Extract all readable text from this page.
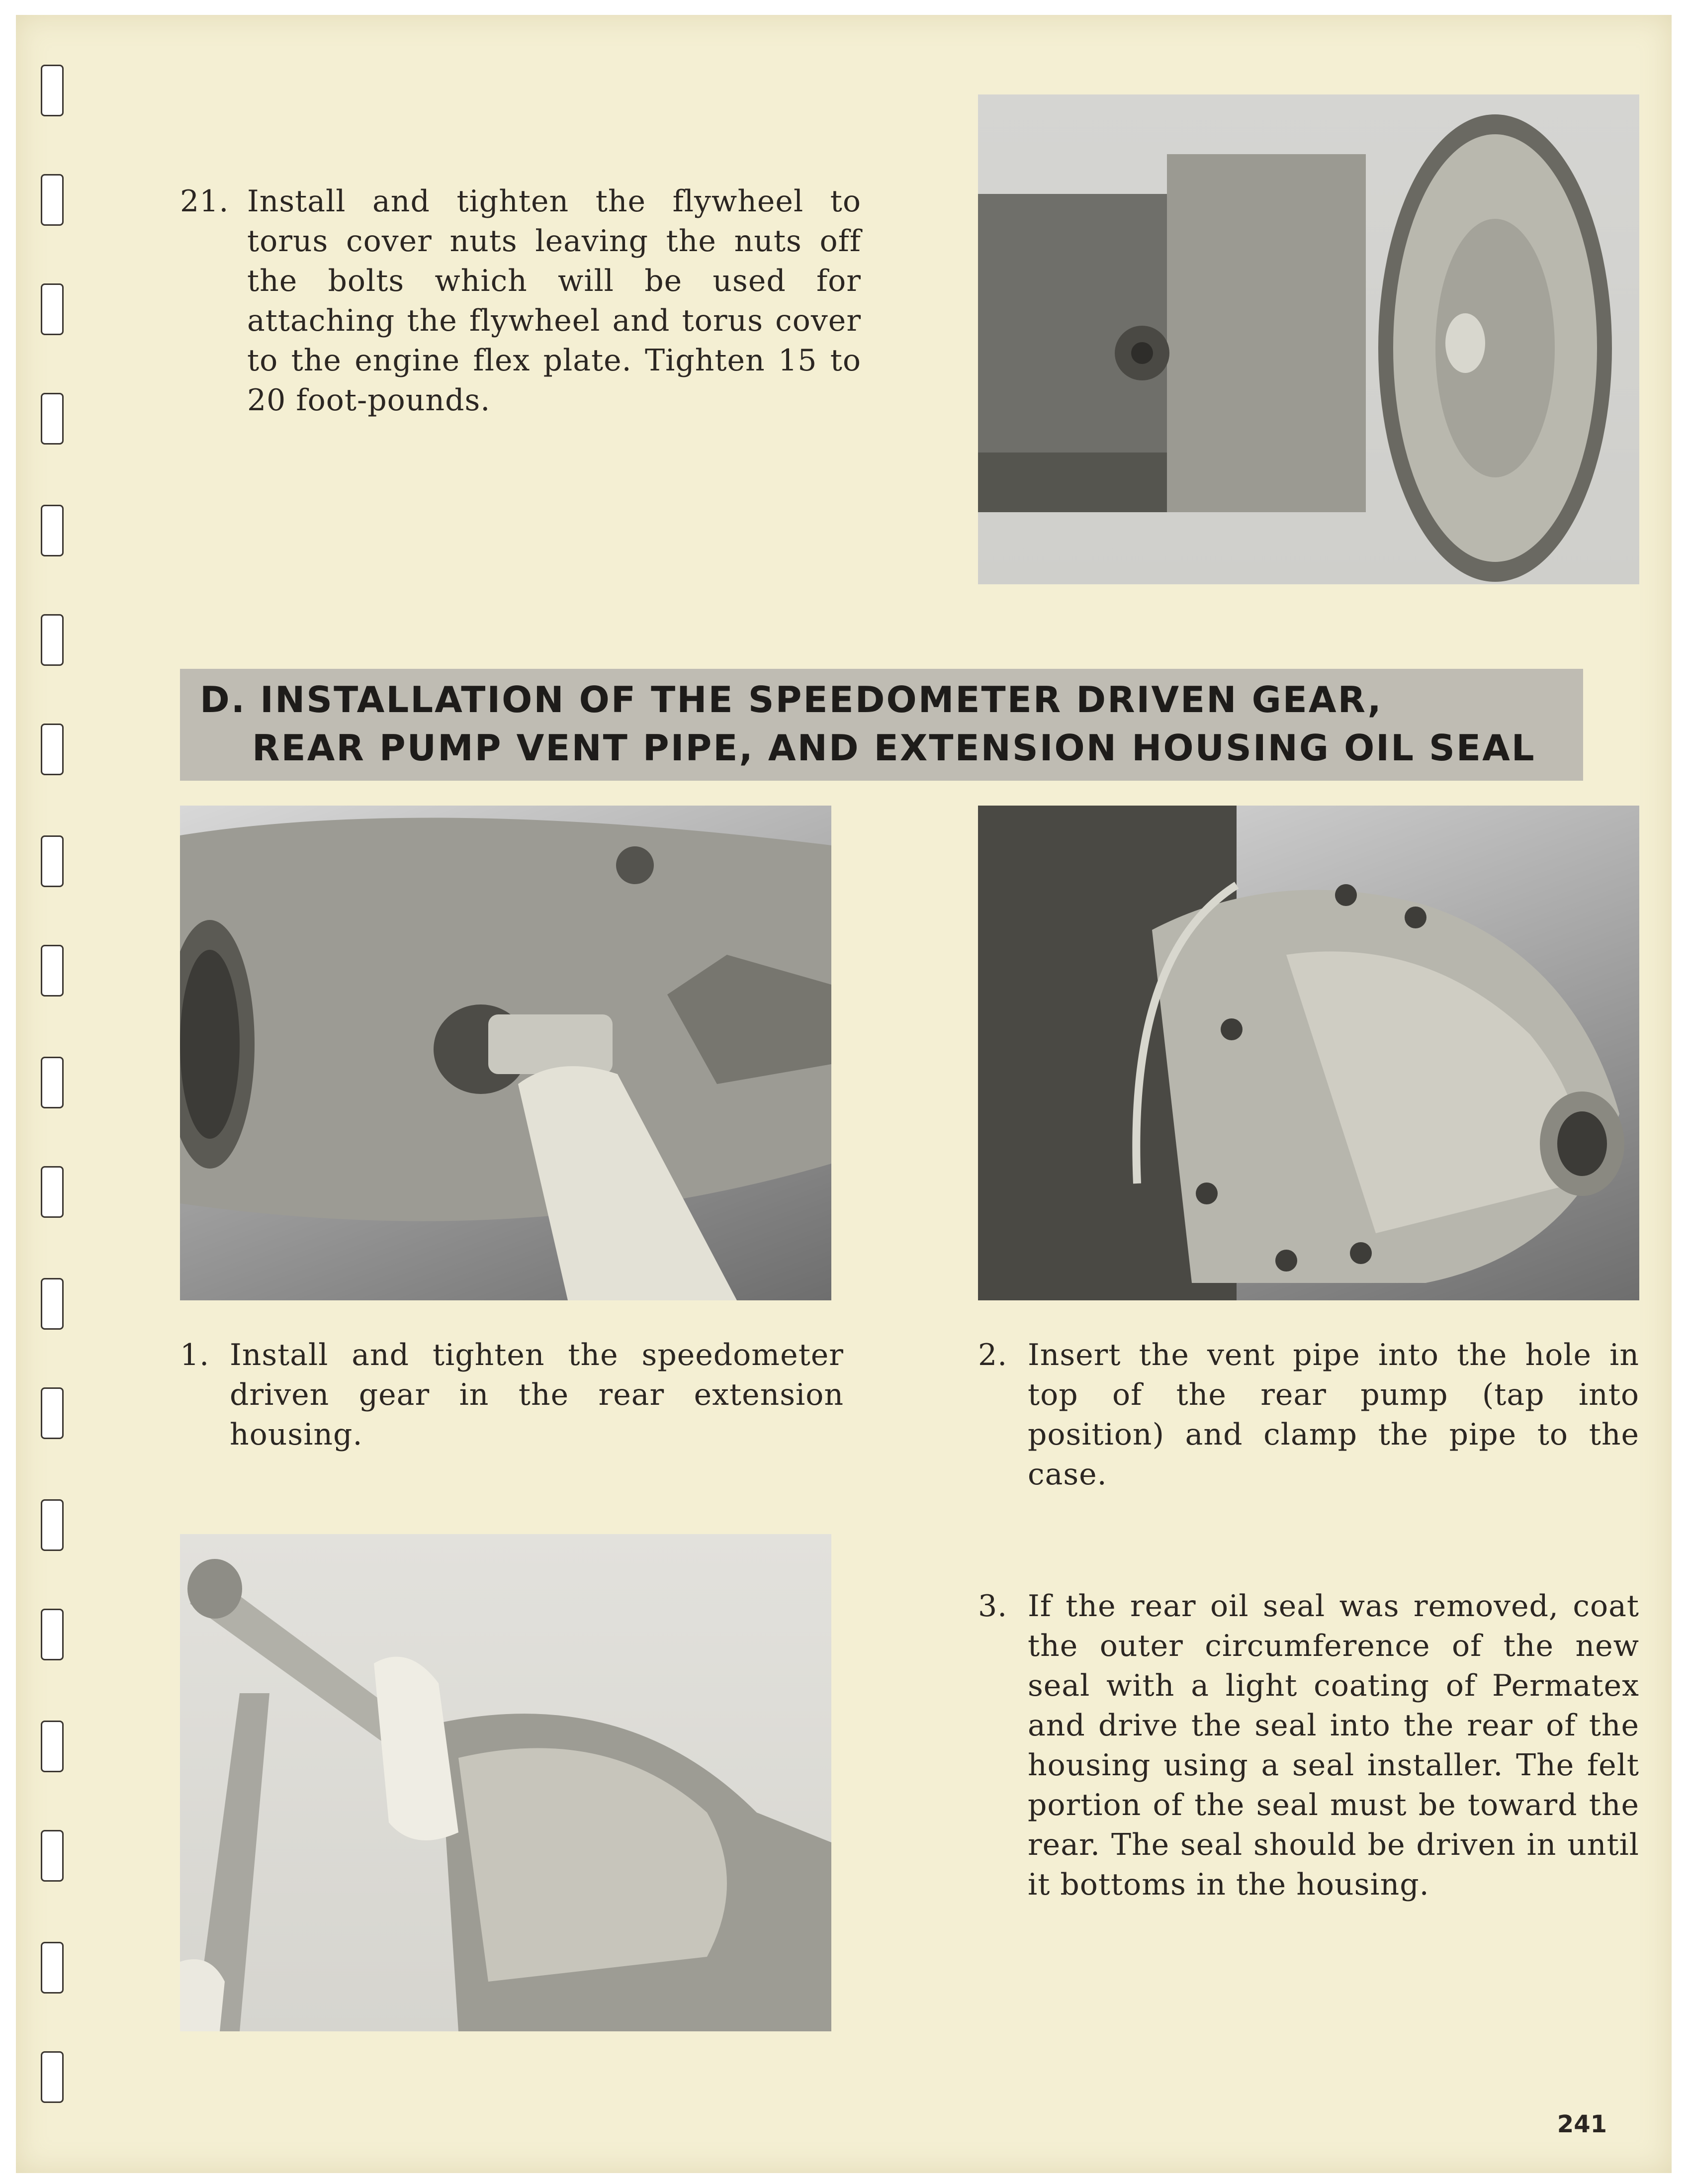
21. Install and tighten the flywheel to torus cover nuts leaving the nuts off the bolts which will be used for attaching the flywheel and torus cover to the engine flex plate. Tighten 15 to 20 foot-pounds.
D. INSTALLATION OF THE SPEEDOMETER DRIVEN GEAR,
REAR PUMP VENT PIPE, AND EXTENSION HOUSING OIL SEAL
1. Install and tighten the speedometer driven gear in the rear extension housing.
2. Insert the vent pipe into the hole in top of the rear pump (tap into position) and clamp the pipe to the case.
3. If the rear oil seal was removed, coat the outer circumference of the new seal with a light coating of Permatex and drive the seal into the rear of the housing using a seal installer. The felt portion of the seal must be toward the rear. The seal should be driven in until it bottoms in the housing.
241
